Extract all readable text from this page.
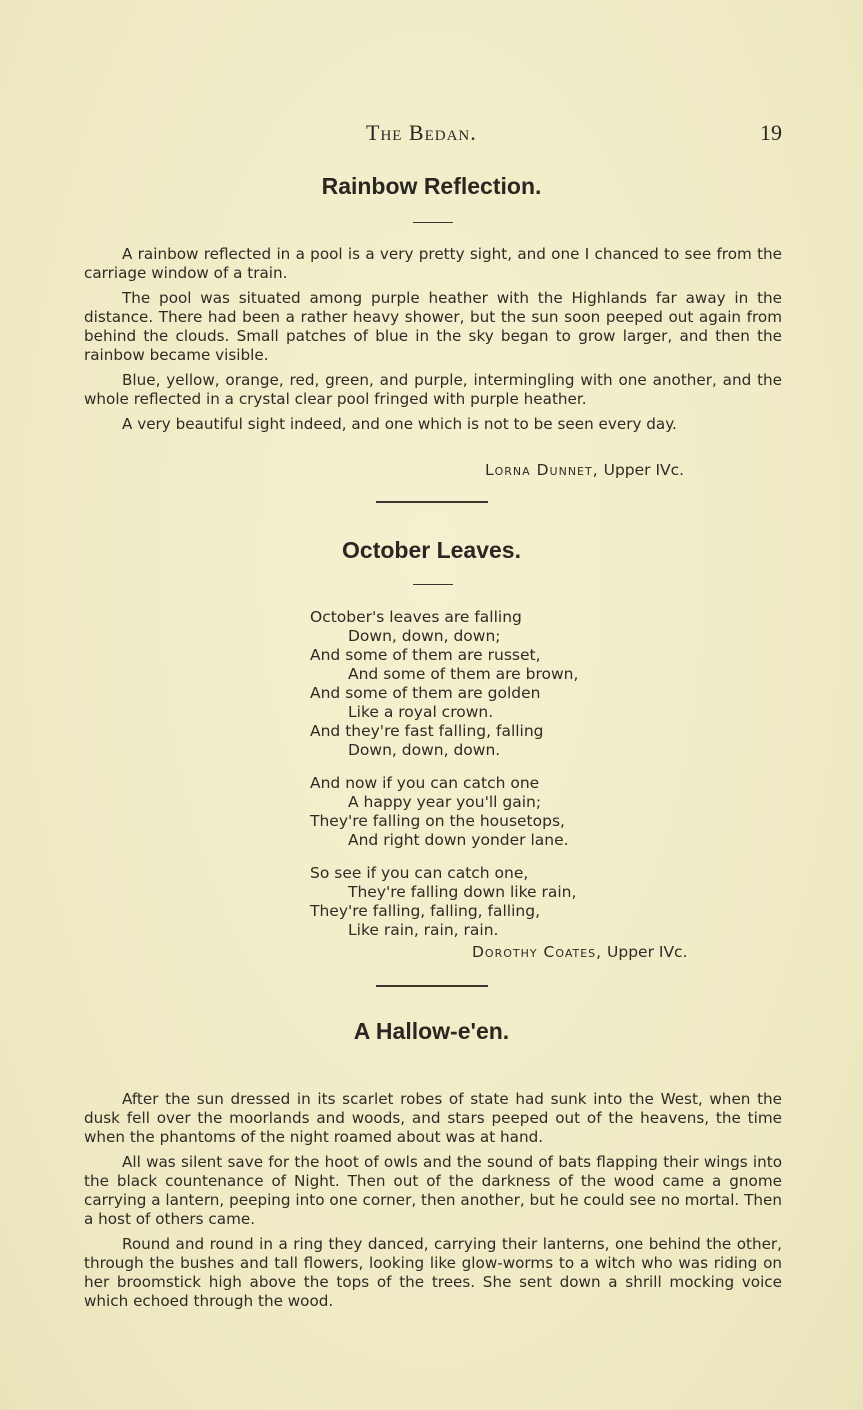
The Bedan.	19
Rainbow Reflection.

A rainbow reflected in a pool is a very pretty sight, and one I chanced to see from the carriage window of a train.

The pool was situated among purple heather with the Highlands far away in the distance. There had been a rather heavy shower, but the sun soon peeped out again from behind the clouds. Small patches of blue in the sky began to grow larger, and then the rainbow became visible.

Blue, yellow, orange, red, green, and purple, intermingling with one another, and the whole reflected in a crystal clear pool fringed with purple heather.

A very beautiful sight indeed, and one which is not to be seen every day.

Lorna Dunnet, Upper IVc.
October Leaves.
October's leaves are falling
Down, down, down;
And some of them are russet,
And some of them are brown,
And some of them are golden
Like a royal crown.
And they're fast falling, falling
Down, down, down.
And now if you can catch one
A happy year you'll gain;
They're falling on the housetops,
And right down yonder lane.
So see if you can catch one,
They're falling down like rain,
They're falling, falling, falling,
Like rain, rain, rain.
Dorothy Coates, Upper IVc.
A Hallow-e'en.

After the sun dressed in its scarlet robes of state had sunk into the West, when the dusk fell over the moorlands and woods, and stars peeped out of the heavens, the time when the phantoms of the night roamed about was at hand.

All was silent save for the hoot of owls and the sound of bats flapping their wings into the black countenance of Night. Then out of the darkness of the wood came a gnome carrying a lantern, peeping into one corner, then another, but he could see no mortal. Then a host of others came.

Round and round in a ring they danced, carrying their lanterns, one behind the other, through the bushes and tall flowers, looking like glow-worms to a witch who was riding on her broomstick high above the tops of the trees. She sent down a shrill mocking voice which echoed through the wood.
